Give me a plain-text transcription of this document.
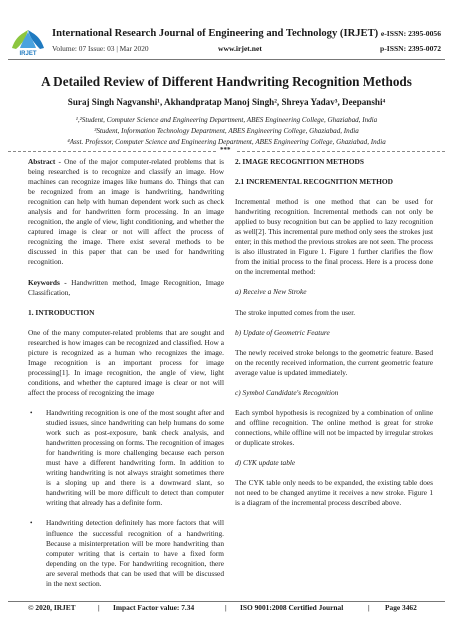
IRJET
International Research Journal of Engineering and Technology (IRJET)
Volume: 07 Issue: 03 | Mar 2020	www.irjet.net
e-ISSN: 2395-0056
p-ISSN: 2395-0072
A Detailed Review of Different Handwriting Recognition Methods
Suraj Singh Nagvanshi¹, Akhandpratap Manoj Singh², Shreya Yadav³, Deepanshi⁴
¹,²Student, Computer Science and Engineering Department, ABES Engineering College, Ghaziabad, India
³Student, Information Technology Department, ABES Engineering College, Ghaziabad, India
⁴Asst. Professor, Computer Science and Engineering Department, ABES Engineering College, Ghaziabad, India
***
Abstract - One of the major computer-related problems that is being researched is to recognize and classify an image. How machines can recognize images like humans do. Things that can be recognized from an image is handwriting, handwriting recognition can help with human dependent work such as check analysis and for handwritten form processing. In an image recognition, the angle of view, light conditioning, and whether the captured image is clear or not will affect the process of recognizing the image. There exist several methods to be discussed in this paper that can be used for handwriting recognition.
Keywords - Handwritten method, Image Recognition, Image Classification,
1. INTRODUCTION
One of the many computer-related problems that are sought and researched is how images can be recognized and classified. How a picture is recognized as a human who recognizes the image. Image recognition is an important process for image processing[1]. In image recognition, the angle of view, light conditions, and whether the captured image is clear or not will affect the process of recognizing the image
• Handwriting recognition is one of the most sought after and studied issues, since handwriting can help humans do some work such as post-exposure, bank check analysis, and handwritten processing on forms. The recognition of images for handwriting is more challenging because each person must have a different handwriting form. In addition to writing handwriting is not always straight sometimes there is a sloping up and there is a downward slant, so handwriting will be more difficult to detect than computer writing that already has a definite form.
• Handwriting detection definitely has more factors that will influence the successful recognition of a handwriting. Because a misinterpretation will be more handwriting than computer writing that is certain to have a fixed form depending on the type. For handwriting recognition, there are several methods that can be used that will be discussed in the next section.
2. IMAGE RECOGNITION METHODS
2.1 INCREMENTAL RECOGNITION METHOD
Incremental method is one method that can be used for handwriting recognition. Incremental methods can not only be applied to busy recognition but can be applied to lazy recognition as well[2]. This incremental pure method only sees the strokes just enter; in this method the previous strokes are not seen. The process is also illustrated in Figure 1. Figure 1 further clarifies the flow from the initial process to the final process. Here is a process done on the incremental method:
a) Receive a New Stroke
The stroke inputted comes from the user.
b) Update of Geometric Feature
The newly received stroke belongs to the geometric feature. Based on the recently received information, the current geometric feature average value is updated immediately.
c) Symbol Candidate's Recognition
Each symbol hypothesis is recognized by a combination of online and offline recognition. The online method is great for stroke connections, while offline will not be impacted by irregular strokes or duplicate strokes.
d) CYK update table
The CYK table only needs to be expanded, the existing table does not need to be changed anytime it receives a new stroke. Figure 1 is a diagram of the incremental process described above.
© 2020, IRJET	| Impact Factor value: 7.34	| ISO 9001:2008 Certified Journal	| Page 3462
